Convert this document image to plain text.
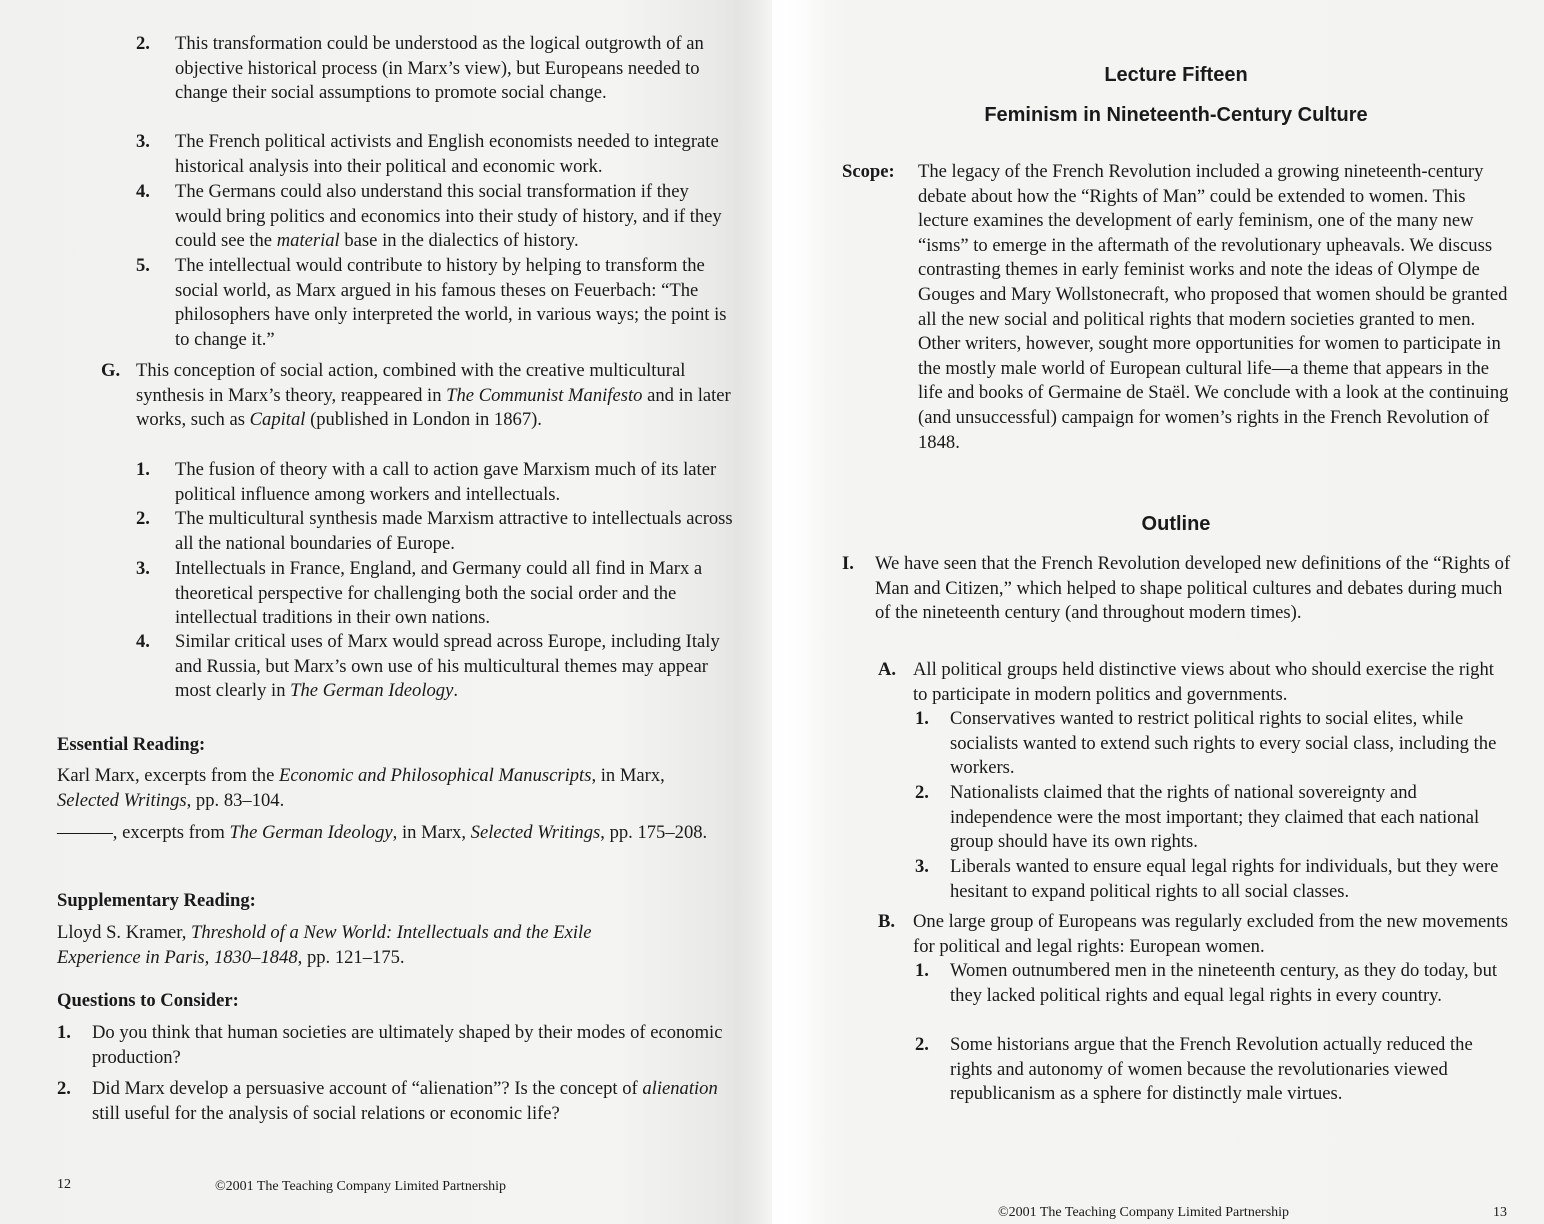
2. This transformation could be understood as the logical outgrowth of an objective historical process (in Marx’s view), but Europeans needed to change their social assumptions to promote social change.

3. The French political activists and English economists needed to integrate historical analysis into their political and economic work.

4. The Germans could also understand this social transformation if they would bring politics and economics into their study of history, and if they could see the material base in the dialectics of history.

5. The intellectual would contribute to history by helping to transform the social world, as Marx argued in his famous theses on Feuerbach: “The philosophers have only interpreted the world, in various ways; the point is to change it.”

G. This conception of social action, combined with the creative multicultural synthesis in Marx’s theory, reappeared in The Communist Manifesto and in later works, such as Capital (published in London in 1867).

1. The fusion of theory with a call to action gave Marxism much of its later political influence among workers and intellectuals.

2. The multicultural synthesis made Marxism attractive to intellectuals across all the national boundaries of Europe.

3. Intellectuals in France, England, and Germany could all find in Marx a theoretical perspective for challenging both the social order and the intellectual traditions in their own nations.

4. Similar critical uses of Marx would spread across Europe, including Italy and Russia, but Marx’s own use of his multicultural themes may appear most clearly in The German Ideology.

Essential Reading:

Karl Marx, excerpts from the Economic and Philosophical Manuscripts, in Marx, Selected Writings, pp. 83–104.

———, excerpts from The German Ideology, in Marx, Selected Writings, pp. 175–208.

Supplementary Reading:

Lloyd S. Kramer, Threshold of a New World: Intellectuals and the Exile Experience in Paris, 1830–1848, pp. 121–175.

Questions to Consider:

1. Do you think that human societies are ultimately shaped by their modes of economic production?

2. Did Marx develop a persuasive account of “alienation”? Is the concept of alienation still useful for the analysis of social relations or economic life?

12	©2001 The Teaching Company Limited Partnership

Lecture Fifteen

Feminism in Nineteenth-Century Culture

Scope: The legacy of the French Revolution included a growing nineteenth-century debate about how the “Rights of Man” could be extended to women. This lecture examines the development of early feminism, one of the many new “isms” to emerge in the aftermath of the revolutionary upheavals. We discuss contrasting themes in early feminist works and note the ideas of Olympe de Gouges and Mary Wollstonecraft, who proposed that women should be granted all the new social and political rights that modern societies granted to men. Other writers, however, sought more opportunities for women to participate in the mostly male world of European cultural life—a theme that appears in the life and books of Germaine de Staël. We conclude with a look at the continuing (and unsuccessful) campaign for women’s rights in the French Revolution of 1848.

Outline

I. We have seen that the French Revolution developed new definitions of the “Rights of Man and Citizen,” which helped to shape political cultures and debates during much of the nineteenth century (and throughout modern times).

A. All political groups held distinctive views about who should exercise the right to participate in modern politics and governments.

1. Conservatives wanted to restrict political rights to social elites, while socialists wanted to extend such rights to every social class, including the workers.

2. Nationalists claimed that the rights of national sovereignty and independence were the most important; they claimed that each national group should have its own rights.

3. Liberals wanted to ensure equal legal rights for individuals, but they were hesitant to expand political rights to all social classes.

B. One large group of Europeans was regularly excluded from the new movements for political and legal rights: European women.

1. Women outnumbered men in the nineteenth century, as they do today, but they lacked political rights and equal legal rights in every country.

2. Some historians argue that the French Revolution actually reduced the rights and autonomy of women because the revolutionaries viewed republicanism as a sphere for distinctly male virtues.

©2001 The Teaching Company Limited Partnership	13
